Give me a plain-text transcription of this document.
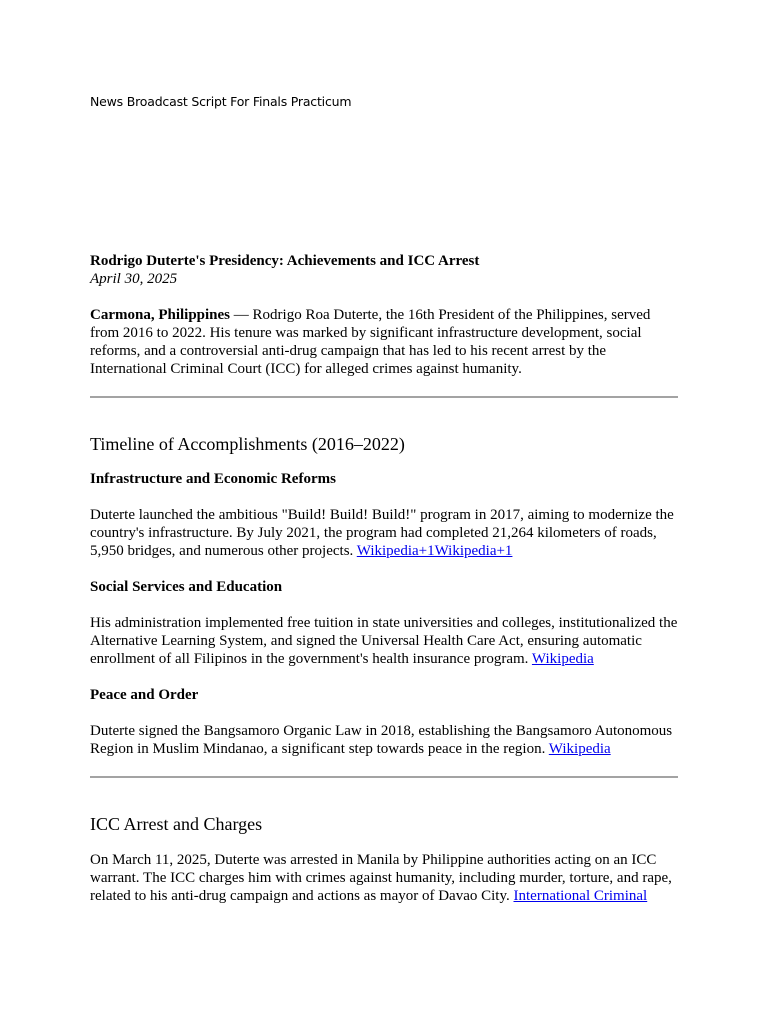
News Broadcast Script For Finals Practicum

Rodrigo Duterte's Presidency: Achievements and ICC Arrest

April 30, 2025

Carmona, Philippines — Rodrigo Roa Duterte, the 16th President of the Philippines, served from 2016 to 2022. His tenure was marked by significant infrastructure development, social reforms, and a controversial anti-drug campaign that has led to his recent arrest by the International Criminal Court (ICC) for alleged crimes against humanity.

Timeline of Accomplishments (2016–2022)
Infrastructure and Economic Reforms

Duterte launched the ambitious "Build! Build! Build!" program in 2017, aiming to modernize the country's infrastructure. By July 2021, the program had completed 21,264 kilometers of roads, 5,950 bridges, and numerous other projects. Wikipedia+1Wikipedia+1

Social Services and Education

His administration implemented free tuition in state universities and colleges, institutionalized the Alternative Learning System, and signed the Universal Health Care Act, ensuring automatic enrollment of all Filipinos in the government's health insurance program. Wikipedia

Peace and Order

Duterte signed the Bangsamoro Organic Law in 2018, establishing the Bangsamoro Autonomous Region in Muslim Mindanao, a significant step towards peace in the region. Wikipedia

ICC Arrest and Charges

On March 11, 2025, Duterte was arrested in Manila by Philippine authorities acting on an ICC warrant. The ICC charges him with crimes against humanity, including murder, torture, and rape, related to his anti-drug campaign and actions as mayor of Davao City. International Criminal
